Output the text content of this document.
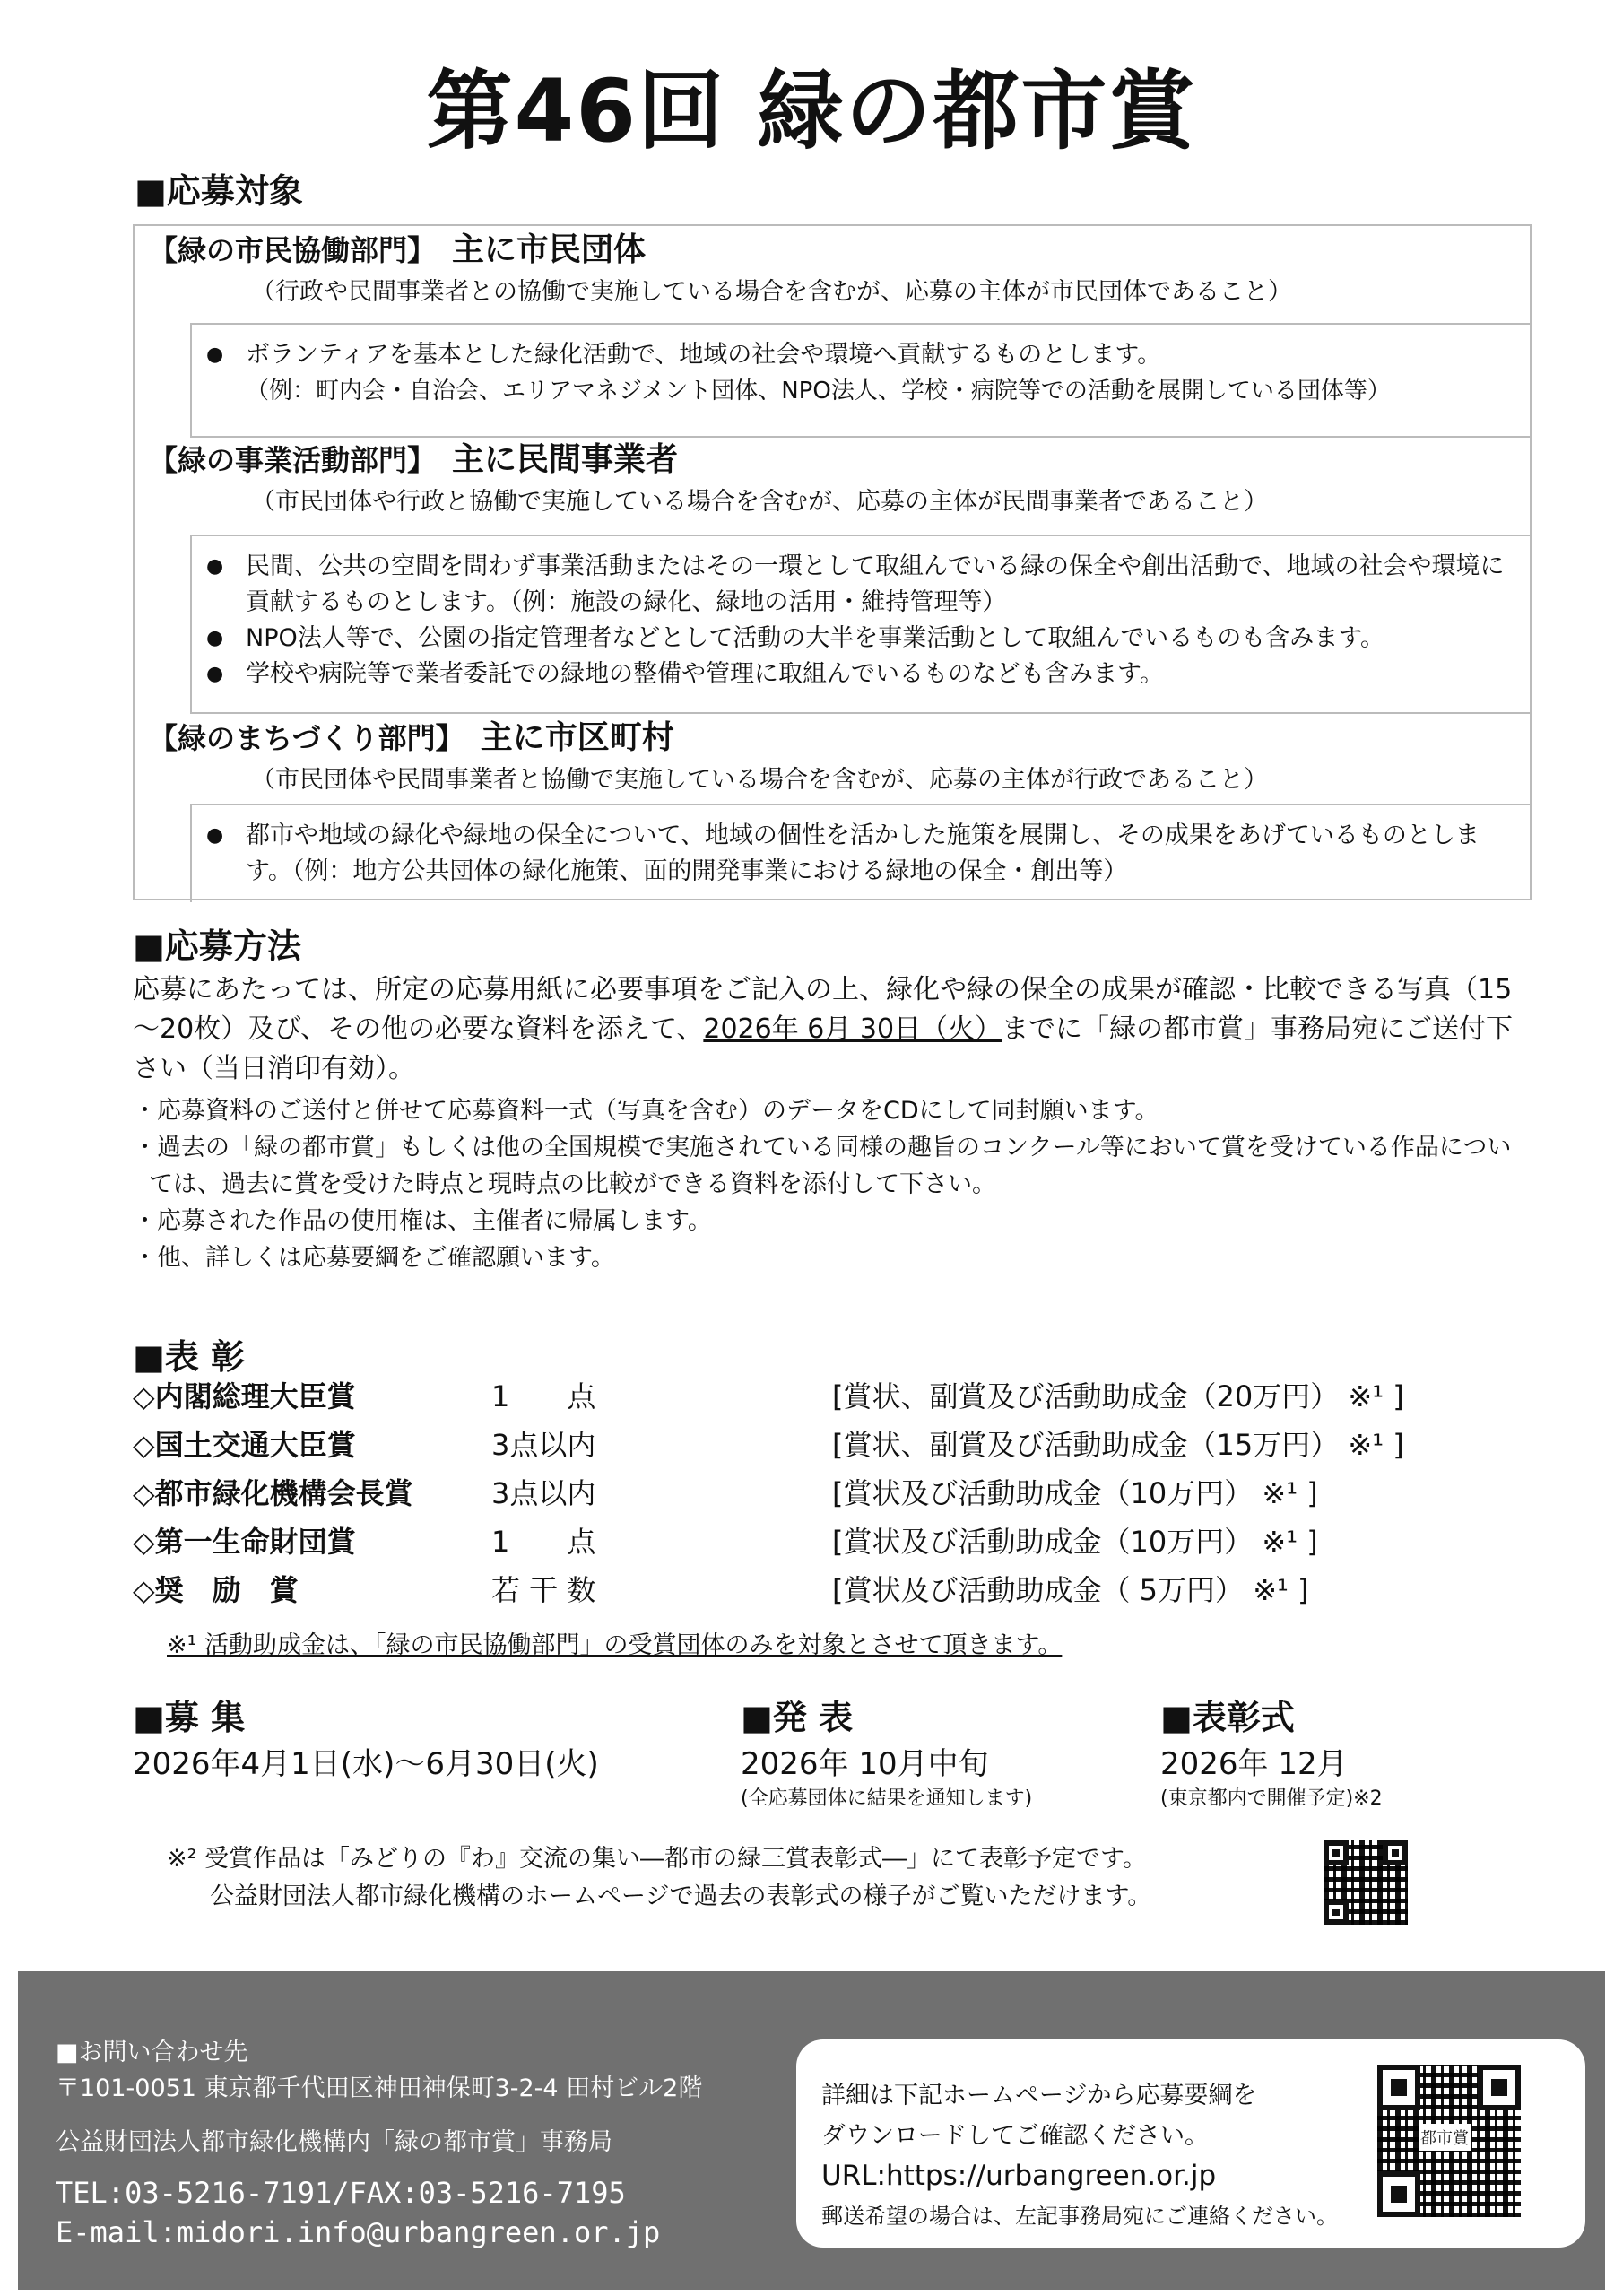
第46回 緑の都市賞
■応募対象
【緑の市民協働部門】 主に市民団体
（行政や民間事業者との協働で実施している場合を含むが、応募の主体が市民団体であること）
● ボランティアを基本とした緑化活動で、地域の社会や環境へ貢献するものとします。
（例：町内会・自治会、エリアマネジメント団体、NPO法人、学校・病院等での活動を展開している団体等）
【緑の事業活動部門】 主に民間事業者
（市民団体や行政と協働で実施している場合を含むが、応募の主体が民間事業者であること）
● 民間、公共の空間を問わず事業活動またはその一環として取組んでいる緑の保全や創出活動で、地域の社会や環境に貢献するものとします。（例：施設の緑化、緑地の活用・維持管理等）
● NPO法人等で、公園の指定管理者などとして活動の大半を事業活動として取組んでいるものも含みます。
● 学校や病院等で業者委託での緑地の整備や管理に取組んでいるものなども含みます。
【緑のまちづくり部門】 主に市区町村
（市民団体や民間事業者と協働で実施している場合を含むが、応募の主体が行政であること）
● 都市や地域の緑化や緑地の保全について、地域の個性を活かした施策を展開し、その成果をあげているものとします。（例：地方公共団体の緑化施策、面的開発事業における緑地の保全・創出等）
■応募方法
応募にあたっては、所定の応募用紙に必要事項をご記入の上、緑化や緑の保全の成果が確認・比較できる写真（15～20枚）及び、その他の必要な資料を添えて、2026年 6月 30日（火）までに「緑の都市賞」事務局宛にご送付下さい（当日消印有効）。
・応募資料のご送付と併せて応募資料一式（写真を含む）のデータをCDにして同封願います。
・過去の「緑の都市賞」もしくは他の全国規模で実施されている同様の趣旨のコンクール等において賞を受けている作品については、過去に賞を受けた時点と現時点の比較ができる資料を添付して下さい。
・応募された作品の使用権は、主催者に帰属します。
・他、詳しくは応募要綱をご確認願います。
■表 彰
◇内閣総理大臣賞	1　　点	[賞状、副賞及び活動助成金（20万円） ※¹ ]
◇国土交通大臣賞	3点以内	[賞状、副賞及び活動助成金（15万円） ※¹ ]
◇都市緑化機構会長賞	3点以内	[賞状及び活動助成金（10万円） ※¹ ]
◇第一生命財団賞	1　　点	[賞状及び活動助成金（10万円） ※¹ ]
◇奨　励　賞	若 干 数	[賞状及び活動助成金（ 5万円） ※¹ ]
※¹ 活動助成金は、「緑の市民協働部門」の受賞団体のみを対象とさせて頂きます。
■募 集
2026年4月1日(水)～6月30日(火)
■発 表
2026年 10月中旬
(全応募団体に結果を通知します)
■表彰式
2026年 12月
(東京都内で開催予定)※2
※² 受賞作品は「みどりの『わ』交流の集い―都市の緑三賞表彰式―」にて表彰予定です。
公益財団法人都市緑化機構のホームページで過去の表彰式の様子がご覧いただけます。
■お問い合わせ先
〒101-0051 東京都千代田区神田神保町3-2-4 田村ビル2階
公益財団法人都市緑化機構内「緑の都市賞」事務局
TEL:03-5216-7191/FAX:03-5216-7195
E-mail:midori.info@urbangreen.or.jp
詳細は下記ホームページから応募要綱を
ダウンロードしてご確認ください。
URL:https://urbangreen.or.jp
郵送希望の場合は、左記事務局宛にご連絡ください。
都市賞
